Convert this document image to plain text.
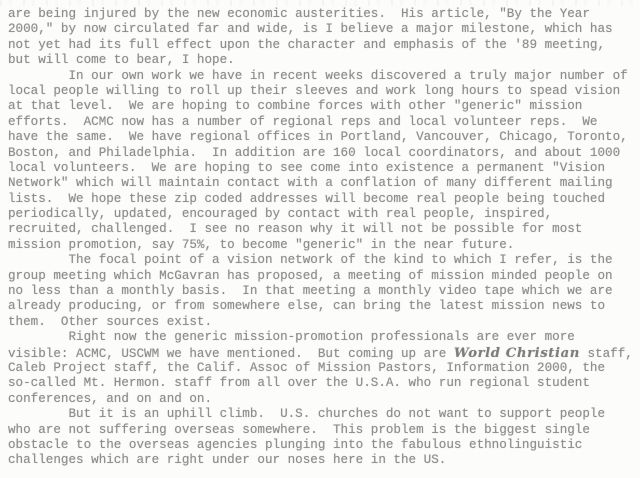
are being injured by the new economic austerities.  His article, "By the Year
2000," by now circulated far and wide, is I believe a major milestone, which has
not yet had its full effect upon the character and emphasis of the '89 meeting,
but will come to bear, I hope.
In our own work we have in recent weeks discovered a truly major number of
local people willing to roll up their sleeves and work long hours to spead vision
at that level.  We are hoping to combine forces with other "generic" mission
efforts.  ACMC now has a number of regional reps and local volunteer reps.  We
have the same.  We have regional offices in Portland, Vancouver, Chicago, Toronto,
Boston, and Philadelphia.  In addition are 160 local coordinators, and about 1000
local volunteers.  We are hoping to see come into existence a permanent "Vision
Network" which will maintain contact with a conflation of many different mailing
lists.  We hope these zip coded addresses will become real people being touched
periodically, updated, encouraged by contact with real people, inspired,
recruited, challenged.  I see no reason why it will not be possible for most
mission promotion, say 75%, to become "generic" in the near future.
The focal point of a vision network of the kind to which I refer, is the
group meeting which McGavran has proposed, a meeting of mission minded people on
no less than a monthly basis.  In that meeting a monthly video tape which we are
already producing, or from somewhere else, can bring the latest mission news to
them.  Other sources exist.
Right now the generic mission-promotion professionals are ever more
visible: ACMC, USCWM we have mentioned.  But coming up are World Christian staff,
Caleb Project staff, the Calif. Assoc of Mission Pastors, Information 2000, the
so-called Mt. Hermon. staff from all over the U.S.A. who run regional student
conferences, and on and on.
But it is an uphill climb.  U.S. churches do not want to support people
who are not suffering overseas somewhere.  This problem is the biggest single
obstacle to the overseas agencies plunging into the fabulous ethnolinguistic
challenges which are right under our noses here in the US.
